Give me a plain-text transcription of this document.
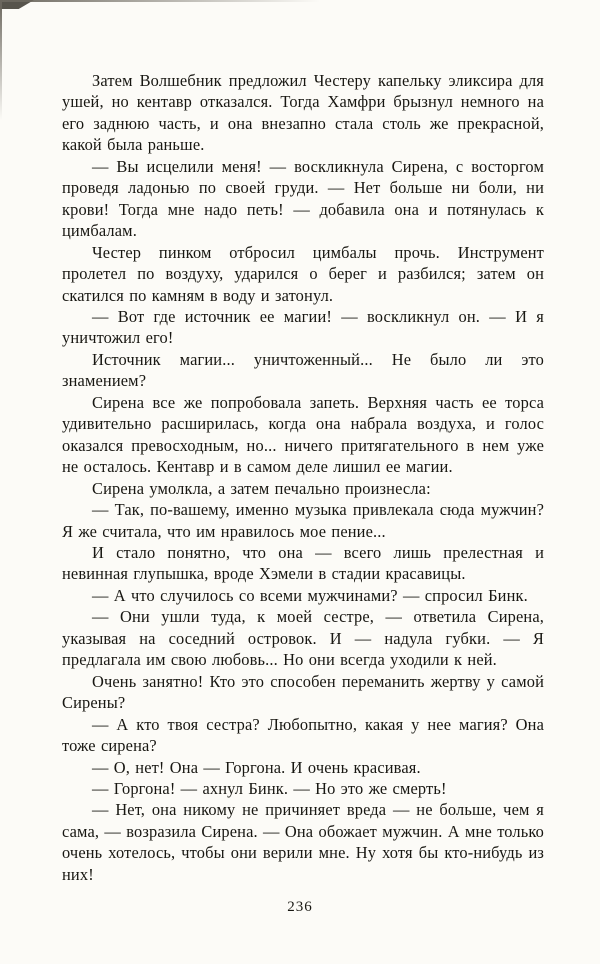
Затем Волшебник предложил Честеру капельку эликсира для ушей, но кентавр отказался. Тогда Хамфри брызнул немного на его заднюю часть, и она внезапно стала столь же прекрасной, какой была раньше.

— Вы исцелили меня! — воскликнула Сирена, с восторгом проведя ладонью по своей груди. — Нет больше ни боли, ни крови! Тогда мне надо петь! — добавила она и потянулась к цимбалам.

Честер пинком отбросил цимбалы прочь. Инструмент пролетел по воздуху, ударился о берег и разбился; затем он скатился по камням в воду и затонул.

— Вот где источник ее магии! — воскликнул он. — И я уничтожил его!

Источник магии... уничтоженный... Не было ли это знамением?

Сирена все же попробовала запеть. Верхняя часть ее торса удивительно расширилась, когда она набрала воздуха, и голос оказался превосходным, но... ничего притягательного в нем уже не осталось. Кентавр и в самом деле лишил ее магии.

Сирена умолкла, а затем печально произнесла:

— Так, по-вашему, именно музыка привлекала сюда мужчин? Я же считала, что им нравилось мое пение...

И стало понятно, что она — всего лишь прелестная и невинная глупышка, вроде Хэмели в стадии красавицы.

— А что случилось со всеми мужчинами? — спросил Бинк.

— Они ушли туда, к моей сестре, — ответила Сирена, указывая на соседний островок. И — надула губки. — Я предлагала им свою любовь... Но они всегда уходили к ней.

Очень занятно! Кто это способен переманить жертву у самой Сирены?

— А кто твоя сестра? Любопытно, какая у нее магия? Она тоже сирена?

— О, нет! Она — Горгона. И очень красивая.

— Горгона! — ахнул Бинк. — Но это же смерть!

— Нет, она никому не причиняет вреда — не больше, чем я сама, — возразила Сирена. — Она обожает мужчин. А мне только очень хотелось, чтобы они верили мне. Ну хотя бы кто-нибудь из них!

236
